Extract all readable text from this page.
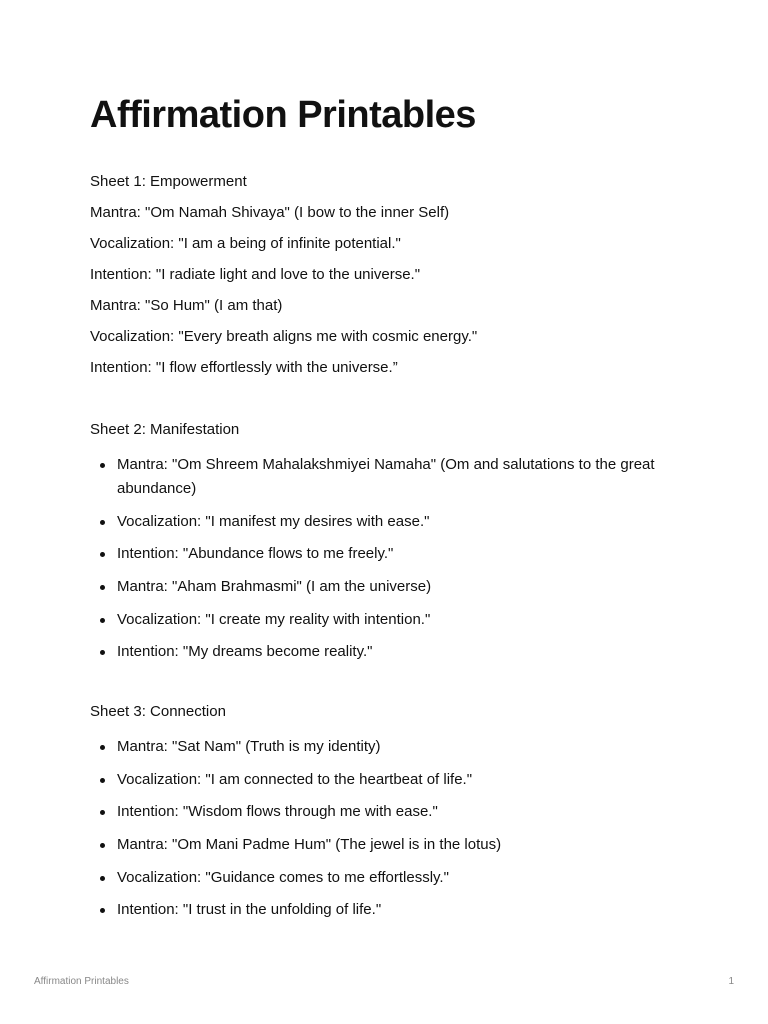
Affirmation Printables
Sheet 1: Empowerment
Mantra: "Om Namah Shivaya" (I bow to the inner Self)
Vocalization: "I am a being of infinite potential."
Intention: "I radiate light and love to the universe."
Mantra: "So Hum" (I am that)
Vocalization: "Every breath aligns me with cosmic energy."
Intention: "I flow effortlessly with the universe.”
Sheet 2: Manifestation
Mantra: "Om Shreem Mahalakshmiyei Namaha" (Om and salutations to the great abundance)
Vocalization: "I manifest my desires with ease."
Intention: "Abundance flows to me freely."
Mantra: "Aham Brahmasmi" (I am the universe)
Vocalization: "I create my reality with intention."
Intention: "My dreams become reality."
Sheet 3: Connection
Mantra: "Sat Nam" (Truth is my identity)
Vocalization: "I am connected to the heartbeat of life."
Intention: "Wisdom flows through me with ease."
Mantra: "Om Mani Padme Hum" (The jewel is in the lotus)
Vocalization: "Guidance comes to me effortlessly."
Intention: "I trust in the unfolding of life."
Affirmation Printables	1
